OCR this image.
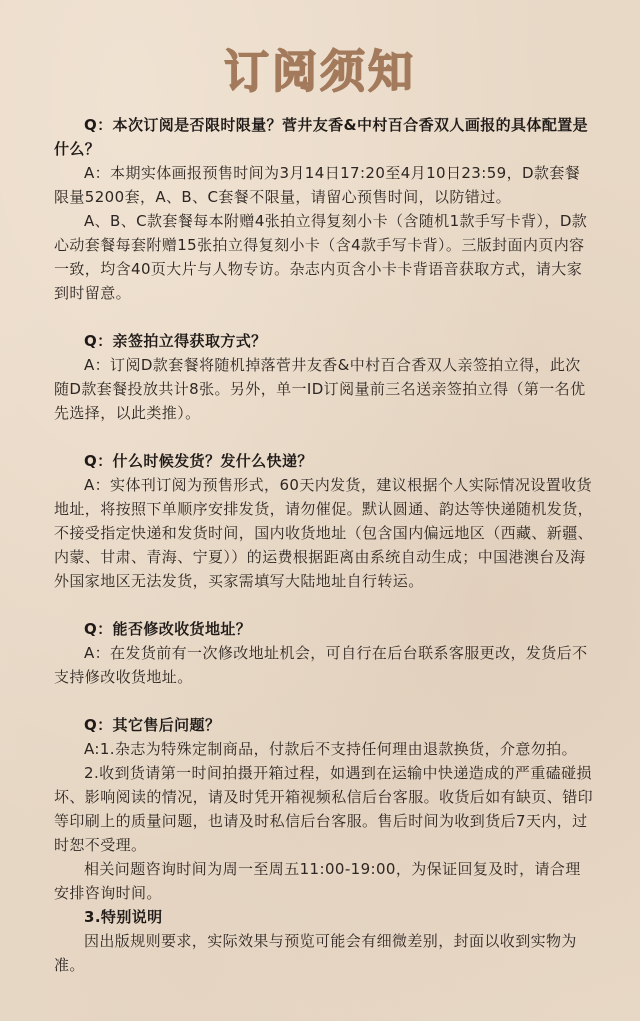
订阅须知

Q：本次订阅是否限时限量？菅井友香&中村百合香双人画报的具体配置是什么？

A：本期实体画报预售时间为3月14日17:20至4月10日23:59，D款套餐限量5200套，A、B、C套餐不限量，请留心预售时间，以防错过。

A、B、C款套餐每本附赠4张拍立得复刻小卡（含随机1款手写卡背），D款心动套餐每套附赠15张拍立得复刻小卡（含4款手写卡背）。三版封面内页内容一致，均含40页大片与人物专访。杂志内页含小卡卡背语音获取方式，请大家到时留意。

Q：亲签拍立得获取方式？

A：订阅D款套餐将随机掉落菅井友香&中村百合香双人亲签拍立得，此次随D款套餐投放共计8张。另外，单一ID订阅量前三名送亲签拍立得（第一名优先选择，以此类推）。

Q：什么时候发货？发什么快递？

A：实体刊订阅为预售形式，60天内发货，建议根据个人实际情况设置收货地址，将按照下单顺序安排发货，请勿催促。默认圆通、韵达等快递随机发货，不接受指定快递和发货时间，国内收货地址（包含国内偏远地区（西藏、新疆、内蒙、甘肃、青海、宁夏））的运费根据距离由系统自动生成；中国港澳台及海外国家地区无法发货，买家需填写大陆地址自行转运。

Q：能否修改收货地址？

A：在发货前有一次修改地址机会，可自行在后台联系客服更改，发货后不支持修改收货地址。

Q：其它售后问题？

A:1.杂志为特殊定制商品，付款后不支持任何理由退款换货，介意勿拍。

2.收到货请第一时间拍摄开箱过程，如遇到在运输中快递造成的严重磕碰损坏、影响阅读的情况，请及时凭开箱视频私信后台客服。收货后如有缺页、错印等印刷上的质量问题，也请及时私信后台客服。售后时间为收到货后7天内，过时恕不受理。

相关问题咨询时间为周一至周五11:00-19:00，为保证回复及时，请合理安排咨询时间。

3.特别说明

因出版规则要求，实际效果与预览可能会有细微差别，封面以收到实物为准。
